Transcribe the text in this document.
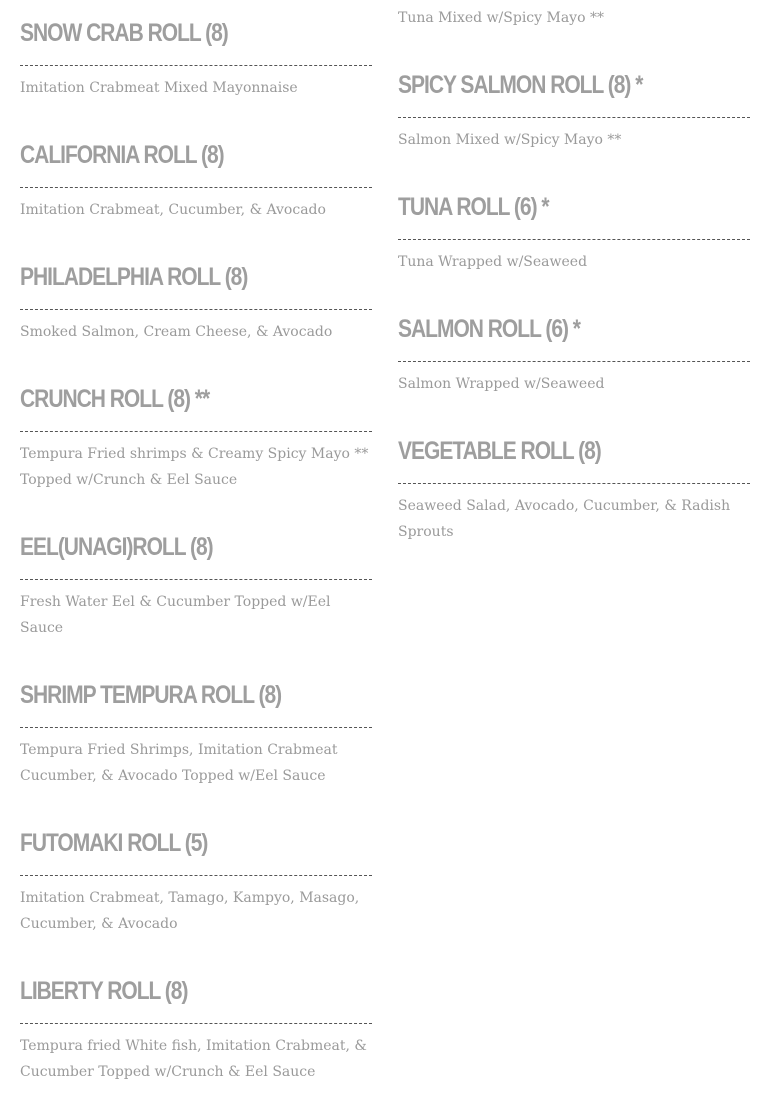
SNOW CRAB ROLL (8)

Imitation Crabmeat Mixed Mayonnaise

CALIFORNIA ROLL (8)

Imitation Crabmeat, Cucumber, & Avocado

PHILADELPHIA ROLL (8)

Smoked Salmon, Cream Cheese, & Avocado

CRUNCH ROLL (8) **

Tempura Fried shrimps & Creamy Spicy Mayo ** Topped w/Crunch & Eel Sauce

EEL(UNAGI)ROLL (8)

Fresh Water Eel & Cucumber Topped w/Eel Sauce

SHRIMP TEMPURA ROLL (8)

Tempura Fried Shrimps, Imitation Crabmeat Cucumber, & Avocado Topped w/Eel Sauce

FUTOMAKI ROLL (5)

Imitation Crabmeat, Tamago, Kampyo, Masago, Cucumber, & Avocado

LIBERTY ROLL (8)

Tempura fried White fish, Imitation Crabmeat, & Cucumber Topped w/Crunch & Eel Sauce

Tuna Mixed w/Spicy Mayo **

SPICY SALMON ROLL (8) *

Salmon Mixed w/Spicy Mayo **

TUNA ROLL (6) *

Tuna Wrapped w/Seaweed

SALMON ROLL (6) *

Salmon Wrapped w/Seaweed

VEGETABLE ROLL (8)

Seaweed Salad, Avocado, Cucumber, & Radish Sprouts
